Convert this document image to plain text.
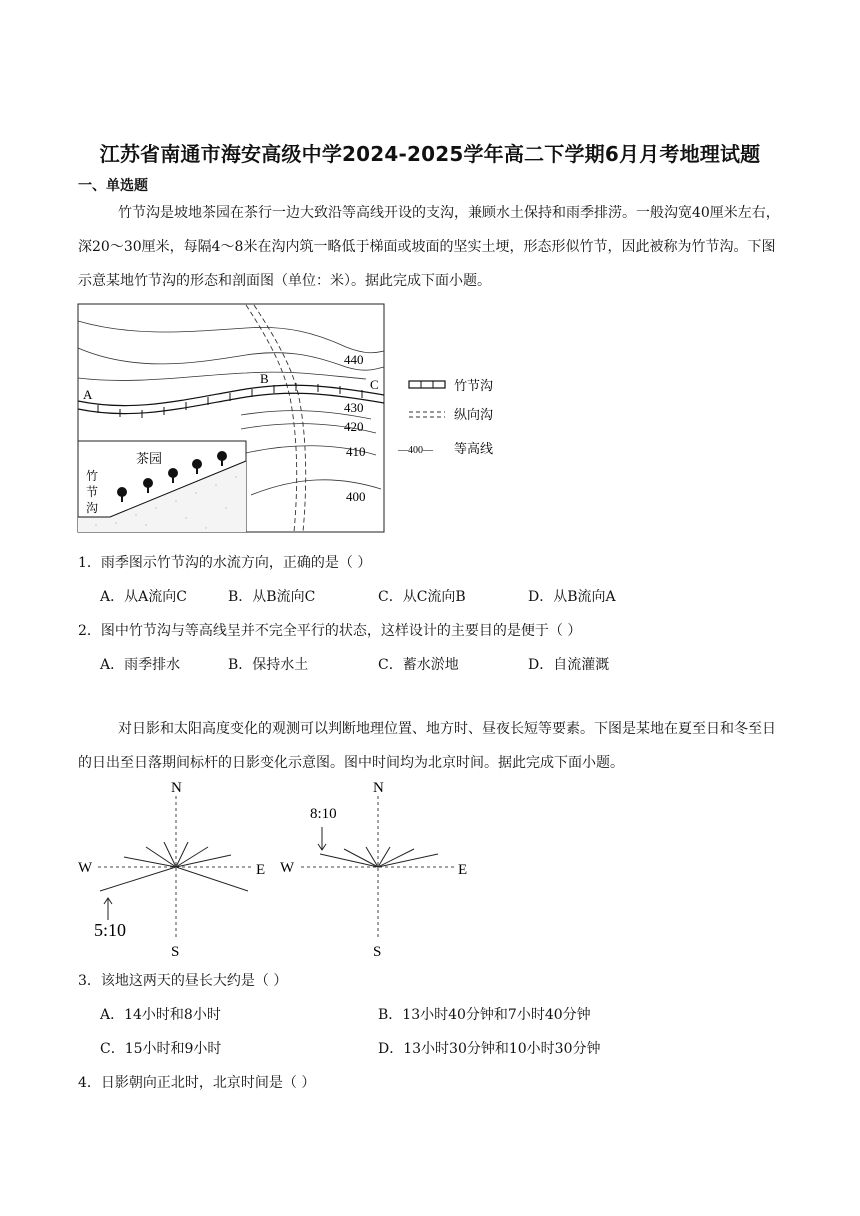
江苏省南通市海安高级中学2024-2025学年高二下学期6月月考地理试题
一、单选题
竹节沟是坡地茶园在茶行一边大致沿等高线开设的支沟，兼顾水土保持和雨季排涝。一般沟宽40厘米左右，深20～30厘米，每隔4～8米在沟内筑一略低于梯面或坡面的坚实土埂，形态形似竹节，因此被称为竹节沟。下图示意某地竹节沟的形态和剖面图（单位：米）。据此完成下面小题。
A
B	C
440
430
420
410
400
茶园
竹
节
沟
竹节沟
纵向沟
—400— 等高线
1．雨季图示竹节沟的水流方向，正确的是（ ）
A．从A流向C	B．从B流向C	C．从C流向B	D．从B流向A
2．图中竹节沟与等高线呈并不完全平行的状态，这样设计的主要目的是便于（ ）
A．雨季排水	B．保持水土	C．蓄水淤地	D．自流灌溉
对日影和太阳高度变化的观测可以判断地理位置、地方时、昼夜长短等要素。下图是某地在夏至日和冬至日的日出至日落期间标杆的日影变化示意图。图中时间均为北京时间。据此完成下面小题。
N
S
W	E
5:10
N
S
W	E
8:10
3．该地这两天的昼长大约是（ ）
A．14小时和8小时	B．13小时40分钟和7小时40分钟
C．15小时和9小时	D．13小时30分钟和10小时30分钟
4．日影朝向正北时，北京时间是（ ）
